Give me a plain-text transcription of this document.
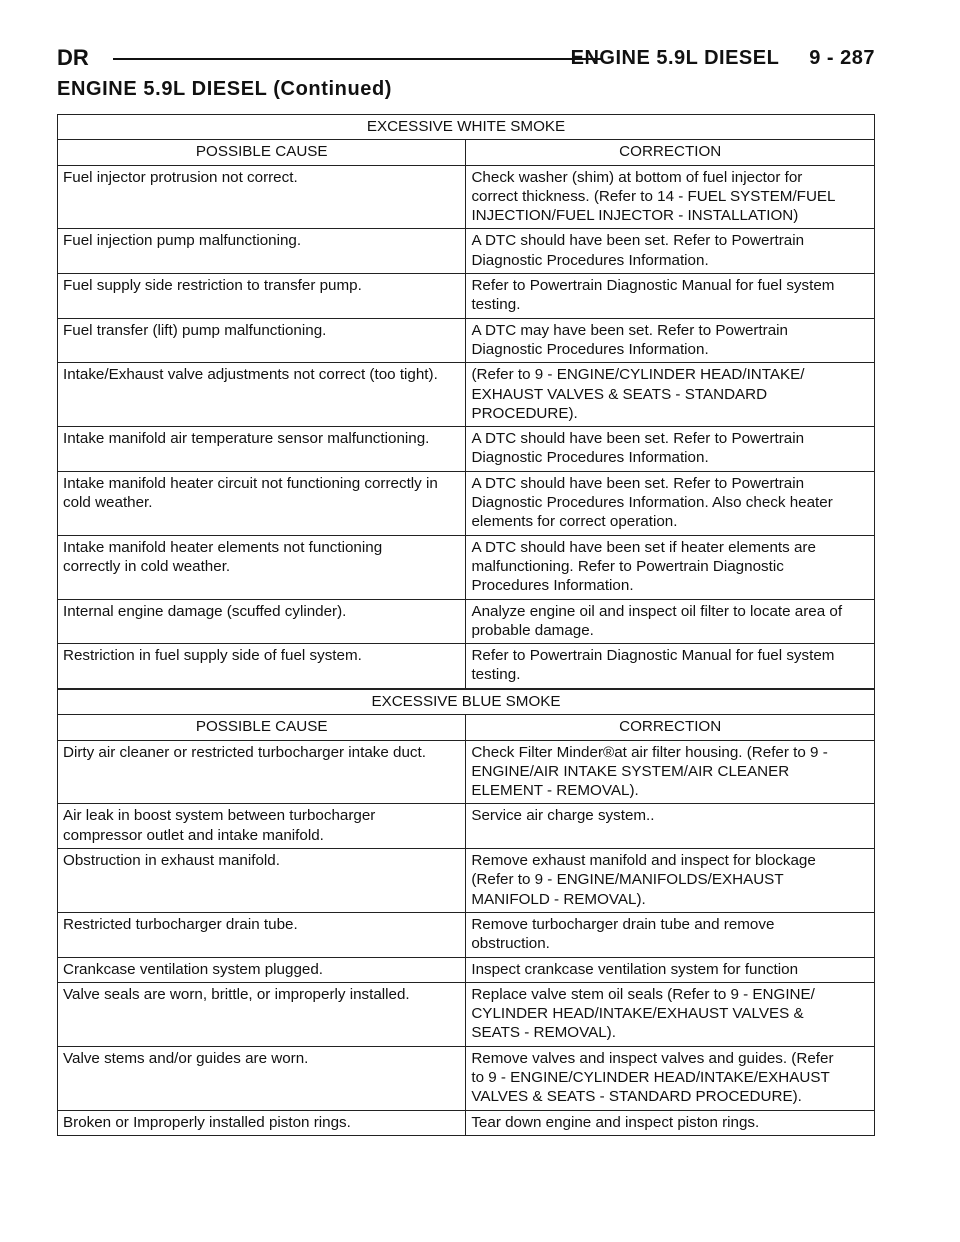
DR	ENGINE 5.9L DIESEL     9 - 287
ENGINE 5.9L DIESEL (Continued)
EXCESSIVE WHITE SMOKE	
POSSIBLE CAUSE	CORRECTION
Fuel injector protrusion not correct.	Check washer (shim) at bottom of fuel injector for
correct thickness. (Refer to 14 - FUEL SYSTEM/FUEL
INJECTION/FUEL INJECTOR - INSTALLATION)
Fuel injection pump malfunctioning.	A DTC should have been set. Refer to Powertrain
Diagnostic Procedures Information.
Fuel supply side restriction to transfer pump.	Refer to Powertrain Diagnostic Manual for fuel system
testing.
Fuel transfer (lift) pump malfunctioning.	A DTC may have been set. Refer to Powertrain
Diagnostic Procedures Information.
Intake/Exhaust valve adjustments not correct (too tight).	(Refer to 9 - ENGINE/CYLINDER HEAD/INTAKE/
EXHAUST VALVES & SEATS - STANDARD
PROCEDURE).
Intake manifold air temperature sensor malfunctioning.	A DTC should have been set. Refer to Powertrain
Diagnostic Procedures Information.
Intake manifold heater circuit not functioning correctly in
cold weather.	A DTC should have been set. Refer to Powertrain
Diagnostic Procedures Information. Also check heater
elements for correct operation.
Intake manifold heater elements not functioning
correctly in cold weather.	A DTC should have been set if heater elements are
malfunctioning. Refer to Powertrain Diagnostic
Procedures Information.
Internal engine damage (scuffed cylinder).	Analyze engine oil and inspect oil filter to locate area of
probable damage.
Restriction in fuel supply side of fuel system.	Refer to Powertrain Diagnostic Manual for fuel system
testing.
EXCESSIVE BLUE SMOKE	
POSSIBLE CAUSE	CORRECTION
Dirty air cleaner or restricted turbocharger intake duct.	Check Filter Minder®at air filter housing. (Refer to 9 -
ENGINE/AIR INTAKE SYSTEM/AIR CLEANER
ELEMENT - REMOVAL).
Air leak in boost system between turbocharger
compressor outlet and intake manifold.	Service air charge system..
Obstruction in exhaust manifold.	Remove exhaust manifold and inspect for blockage
(Refer to 9 - ENGINE/MANIFOLDS/EXHAUST
MANIFOLD - REMOVAL).
Restricted turbocharger drain tube.	Remove turbocharger drain tube and remove
obstruction.
Crankcase ventilation system plugged.	Inspect crankcase ventilation system for function
Valve seals are worn, brittle, or improperly installed.	Replace valve stem oil seals (Refer to 9 - ENGINE/
CYLINDER HEAD/INTAKE/EXHAUST VALVES &
SEATS - REMOVAL).
Valve stems and/or guides are worn.	Remove valves and inspect valves and guides. (Refer
to 9 - ENGINE/CYLINDER HEAD/INTAKE/EXHAUST
VALVES & SEATS - STANDARD PROCEDURE).
Broken or Improperly installed piston rings.	Tear down engine and inspect piston rings.
